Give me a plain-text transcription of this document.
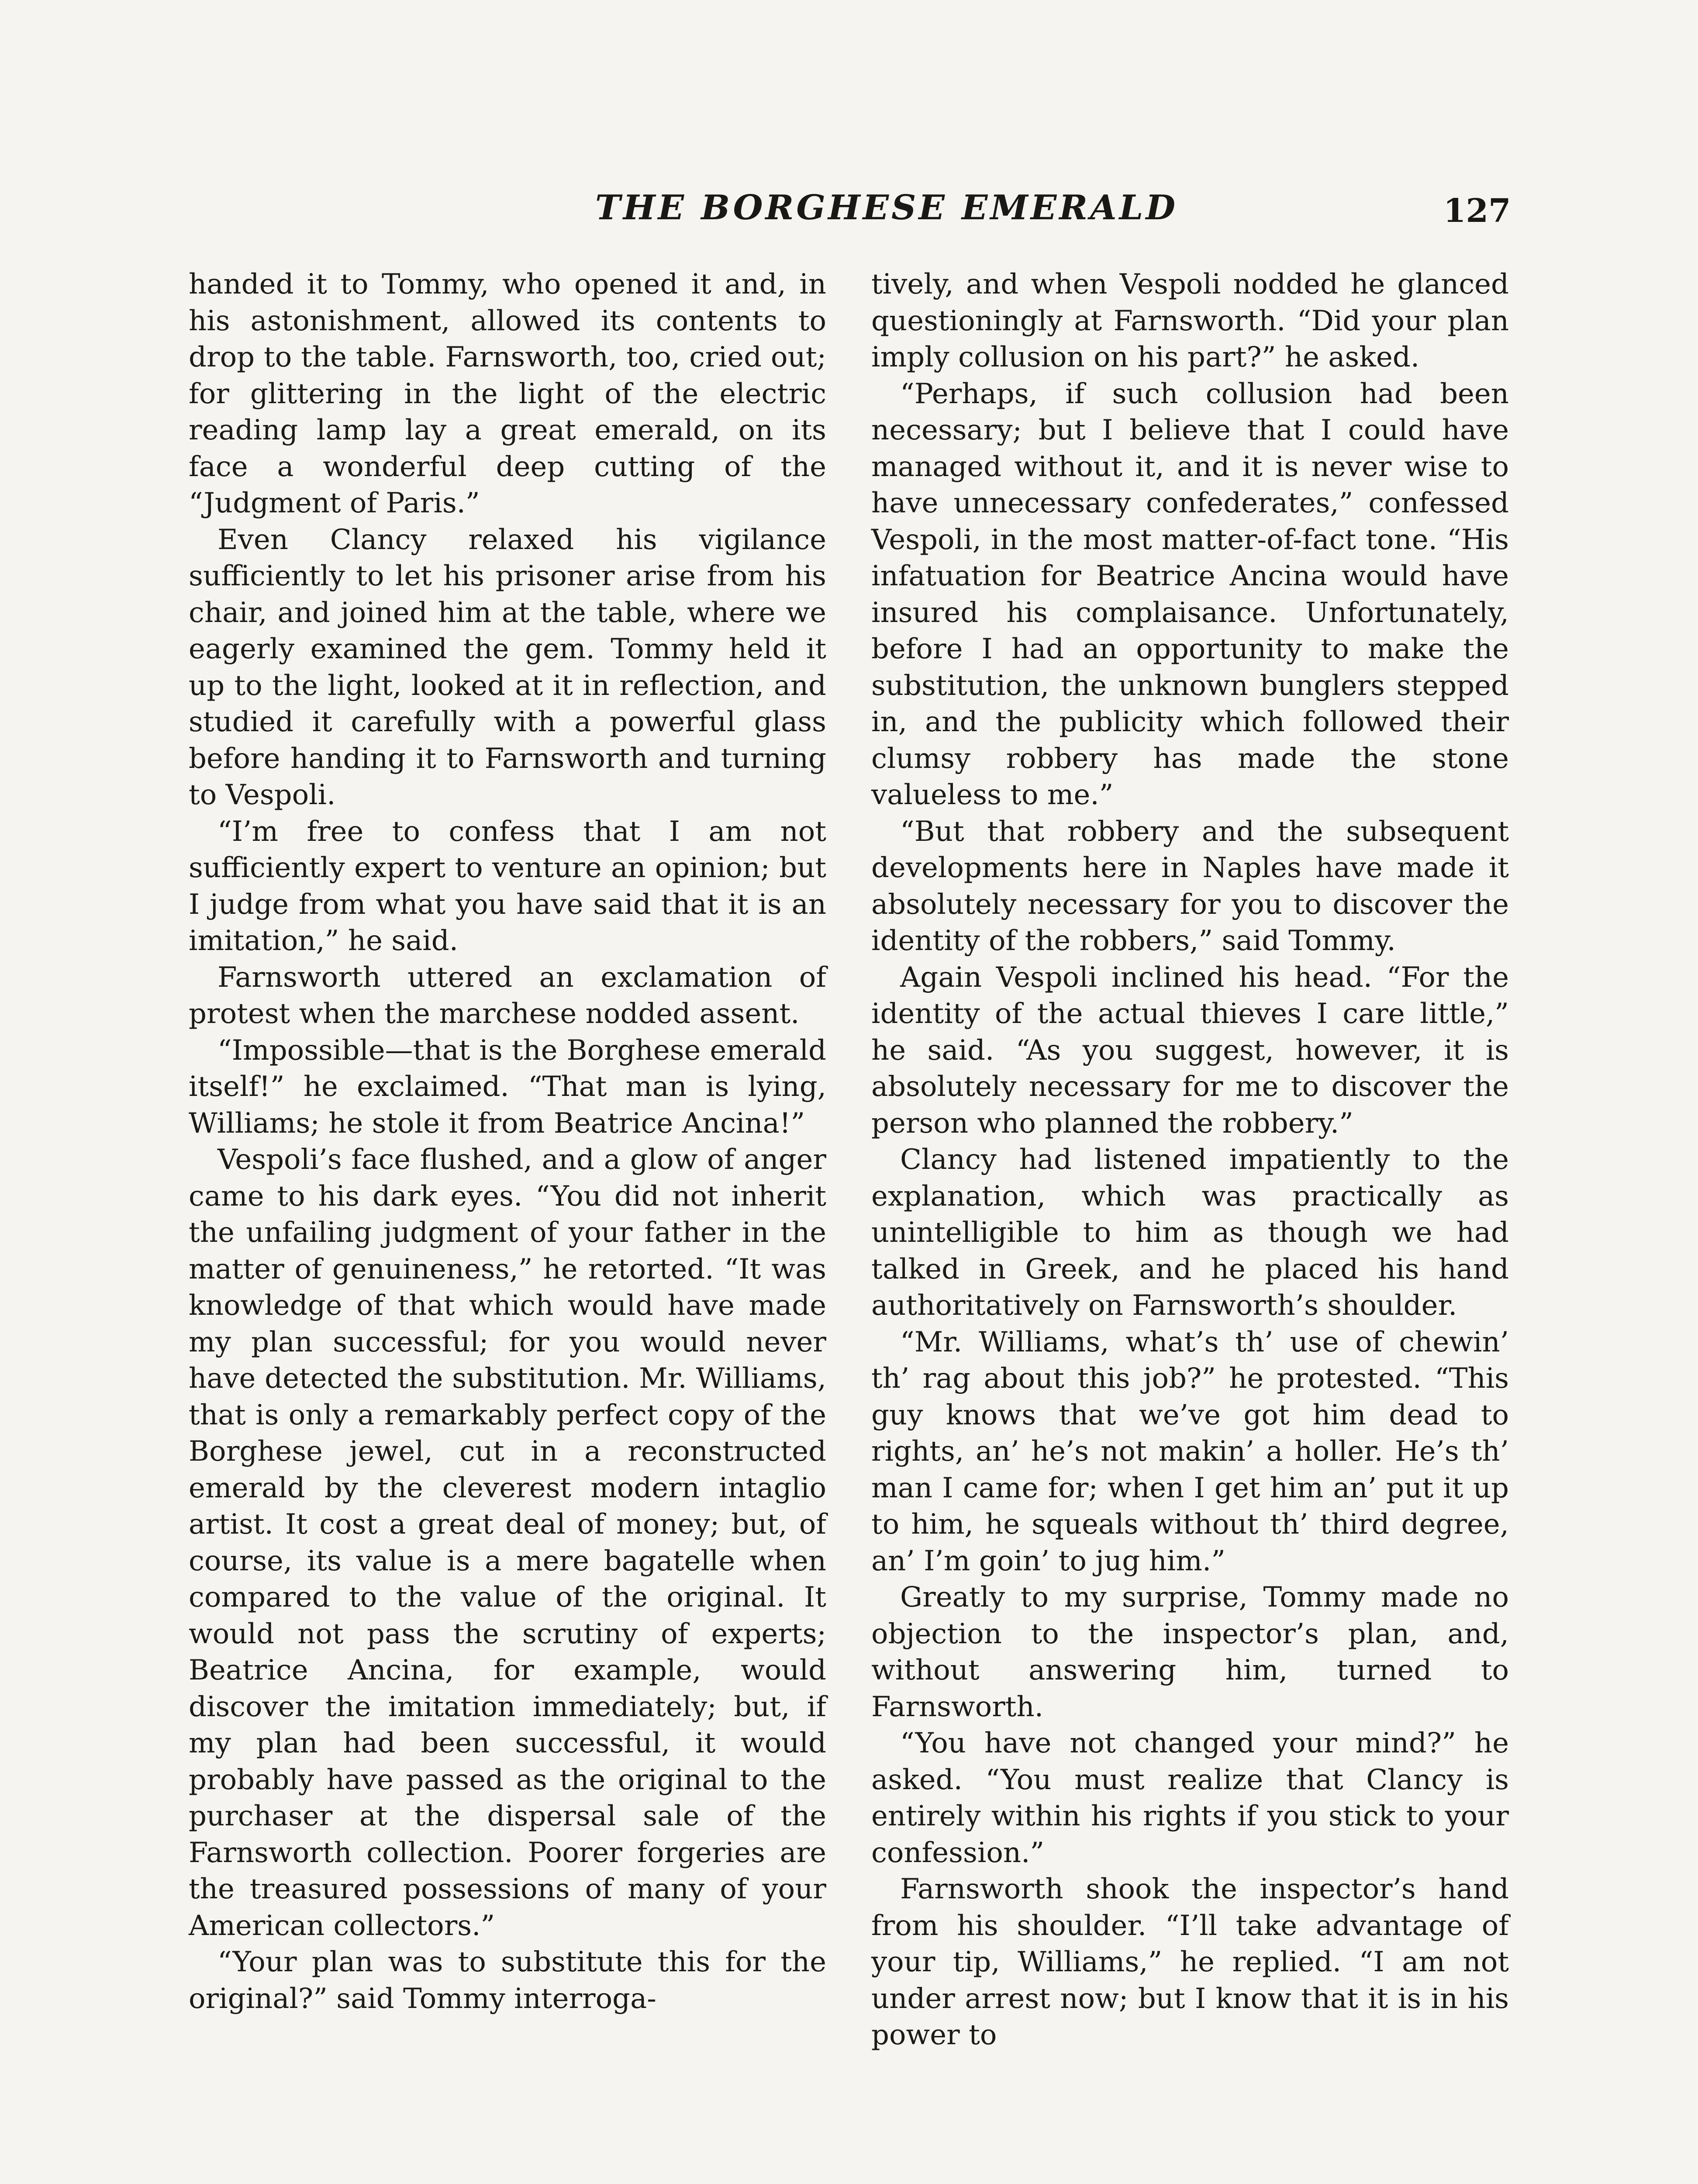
THE BORGHESE EMERALD	127

handed it to Tommy, who opened it and, in his astonishment, allowed its contents to drop to the table. Farnsworth, too, cried out; for glittering in the light of the electric reading lamp lay a great emerald, on its face a wonderful deep cutting of the “Judgment of Paris.”

Even Clancy relaxed his vigilance sufficiently to let his prisoner arise from his chair, and joined him at the table, where we eagerly examined the gem. Tommy held it up to the light, looked at it in reflection, and studied it carefully with a powerful glass before handing it to Farnsworth and turning to Vespoli.

“I’m free to confess that I am not sufficiently expert to venture an opinion; but I judge from what you have said that it is an imitation,” he said.

Farnsworth uttered an exclamation of protest when the marchese nodded assent.

“Impossible—that is the Borghese emerald itself!” he exclaimed. “That man is lying, Williams; he stole it from Beatrice Ancina!”

Vespoli’s face flushed, and a glow of anger came to his dark eyes. “You did not inherit the unfailing judgment of your father in the matter of genuineness,” he retorted. “It was knowledge of that which would have made my plan successful; for you would never have detected the substitution. Mr. Williams, that is only a remarkably perfect copy of the Borghese jewel, cut in a reconstructed emerald by the cleverest modern intaglio artist. It cost a great deal of money; but, of course, its value is a mere bagatelle when compared to the value of the original. It would not pass the scrutiny of experts; Beatrice Ancina, for example, would discover the imitation immediately; but, if my plan had been successful, it would probably have passed as the original to the purchaser at the dispersal sale of the Farnsworth collection. Poorer forgeries are the treasured possessions of many of your American collectors.”

“Your plan was to substitute this for the original?” said Tommy interroga-

tively, and when Vespoli nodded he glanced questioningly at Farnsworth. “Did your plan imply collusion on his part?” he asked.

“Perhaps, if such collusion had been necessary; but I believe that I could have managed without it, and it is never wise to have unnecessary confederates,” confessed Vespoli, in the most matter-of-fact tone. “His infatuation for Beatrice Ancina would have insured his complaisance. Unfortunately, before I had an opportunity to make the substitution, the unknown bunglers stepped in, and the publicity which followed their clumsy robbery has made the stone valueless to me.”

“But that robbery and the subsequent developments here in Naples have made it absolutely necessary for you to discover the identity of the robbers,” said Tommy.

Again Vespoli inclined his head. “For the identity of the actual thieves I care little,” he said. “As you suggest, however, it is absolutely necessary for me to discover the person who planned the robbery.”

Clancy had listened impatiently to the explanation, which was practically as unintelligible to him as though we had talked in Greek, and he placed his hand authoritatively on Farnsworth’s shoulder.

“Mr. Williams, what’s th’ use of chewin’ th’ rag about this job?” he protested. “This guy knows that we’ve got him dead to rights, an’ he’s not makin’ a holler. He’s th’ man I came for; when I get him an’ put it up to him, he squeals without th’ third degree, an’ I’m goin’ to jug him.”

Greatly to my surprise, Tommy made no objection to the inspector’s plan, and, without answering him, turned to Farnsworth.

“You have not changed your mind?” he asked. “You must realize that Clancy is entirely within his rights if you stick to your confession.”

Farnsworth shook the inspector’s hand from his shoulder. “I’ll take advantage of your tip, Williams,” he replied. “I am not under arrest now; but I know that it is in his power to
